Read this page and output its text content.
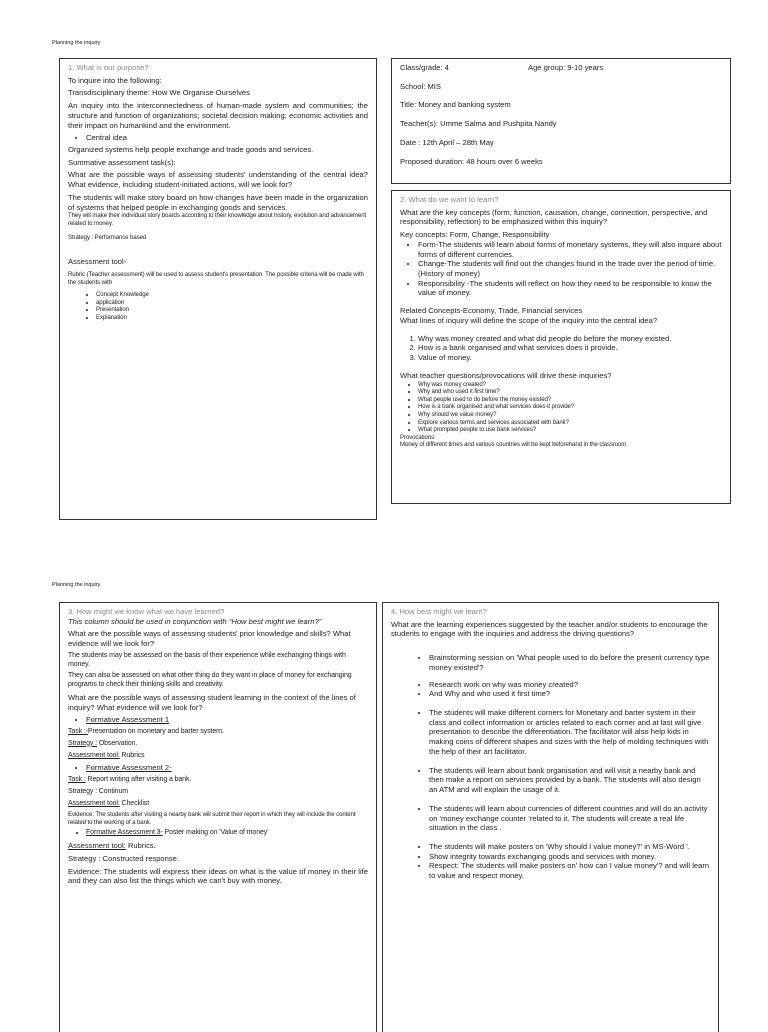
Planning the inquiry

1. What is our purpose?

To inquire into the following:

Transdisciplinary theme: How We Organise Ourselves

An inquiry into the interconnectedness of human-made system and communities; the structure and function of organizations; societal decision making; economic activities and their impact on humankind and the environment.

• Central idea

Organized systems help people exchange and trade goods and services.

Summative assessment task(s):

What are the possible ways of assessing students' understanding of the central idea? What evidence, including student-initiated actions, will we look for?

The students will make story board on how changes have been made in the organization of systems that helped people in exchanging goods and services.

They will make their individual story boards according to their knowledge about history, evolution and advancement related to money.

Strategy : Performance based

Assessment tool-

Rubric (Teacher assessment) will be used to assess student's presentation. The possible criteria will be made with the students with

• Concept Knowledge
• application
• Presentation
• Explanation
Class/grade: 4	Age group: 9-10 years

School: MIS

Title: Money and banking system

Teacher(s): Umme Salma and Pushpita Nandy

Date : 12th April – 28th May

Proposed duration: 48 hours over 6 weeks

2. What do we want to learn?

What are the key concepts (form, function, causation, change, connection, perspective, and responsibility, reflection) to be emphasized within this inquiry?

Key concepts: Form, Change, Responsibility

• Form-The students will learn about forms of monetary systems, they will also inquire about forms of different currencies.
• Change-The students will find out the changes found in the trade over the period of time.(History of money)
• Responsibility -The students will reflect on how they need to be responsible to know the value of money.

Related Concepts-Economy, Trade, Financial services

What lines of inquiry will define the scope of the inquiry into the central idea?

1. Why was money created and what did people do before the money existed.
2. How is a bank organised and what services does it provide.
3. Value of money.

What teacher questions/provocations will drive these inquiries?

• Why was money created?
• Why and who used it first time?
• What people used to do before the money existed?
• How is a bank organised and what services does it provide?
• Why should we value money?
• Explore various terms and services associated with bank?
• What prompted people to use bank services?

Provocations:

Money of different times and various countries will be kept beforehand in the classroom.

Planning the inquiry

3. How might we know what we have learned?

This column should be used in conjunction with “How best might we learn?”

What are the possible ways of assessing students' prior knowledge and skills? What evidence will we look for?

The students may be assessed on the basis of their experience while exchanging things with money.

They can also be assessed on what other thing do they want in place of money for exchanging programs to check their thinking skills and creativity.

What are the possible ways of assessing student learning in the context of the lines of inquiry? What evidence will we look for?

• Formative Assessment 1

Task :-Presentation on monetary and barter system.

Strategy : Observation.

Assessment tool: Rubrics

• Formative Assessment 2-

Task : Report writing after visiting a bank.

Strategy : Continum

Assessment tool: Checklist

Evidence: The students after visiting a nearby bank will submit their report in which they will include the content related to the working of a bank.

• Formative Assessment 3- Poster making on 'Value of money'

Assessment tool: Rubrics.

Strategy : Constructed response.

Evidence: The students will express their ideas on what is the value of money in their life and they can also list the things which we can't buy with money.

4. How best might we learn?

What are the learning experiences suggested by the teacher and/or students to encourage the students to engage with the inquiries and address the driving questions?

• Brainstorming session on 'What people used to do before the present currency type money existed'?
• Research work on why was money created?
• And Why and who used it first time?
• The students will make different corners for Monetary and barter system in their class and collect information or articles related to each corner and at last will give presentation to describe the differentiation. The facilitator will also help kids in making coins of different shapes and sizes with the help of molding techniques with the help of their art facilitator.
• The students will learn about bank organisation and will visit a nearby bank and then make a report on services provided by a bank. The students will also design an ATM and will explain the usage of it.
• The students will learn about currencies of different countries and will do an activity on 'money exchange counter 'related to it. The students will create a real life situation in the class .
• The students will make posters on 'Why should I value money?' in MS-Word '.
• Show integrity towards exchanging goods and services with money.
• Respect: The students will make posters on' how can I value money'? and will learn to value and respect money.
